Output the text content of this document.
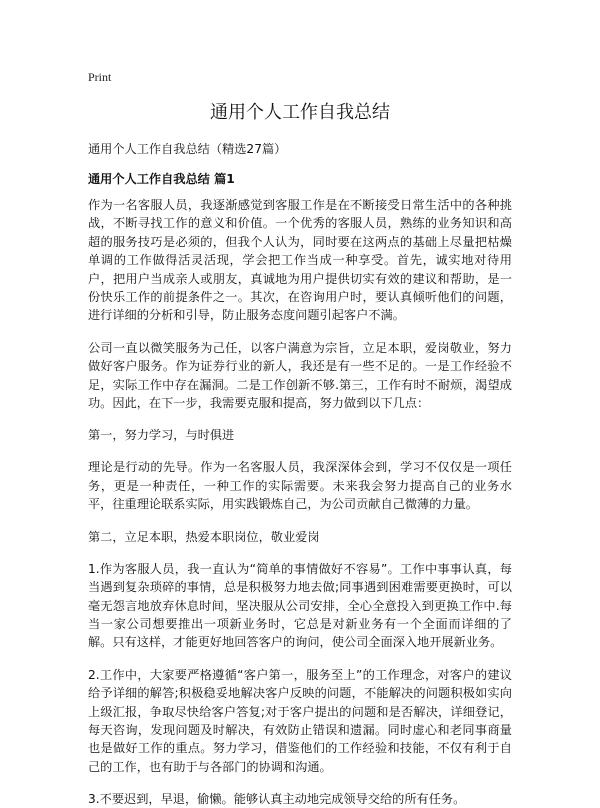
Print
通用个人工作自我总结
通用个人工作自我总结（精选27篇）
通用个人工作自我总结 篇1

作为一名客服人员，我逐渐感觉到客服工作是在不断接受日常生活中的各种挑战，不断寻找工作的意义和价值。一个优秀的客服人员，熟练的业务知识和高超的服务技巧是必须的，但我个人认为，同时要在这两点的基础上尽量把枯燥单调的工作做得活灵活现，学会把工作当成一种享受。首先，诚实地对待用户，把用户当成亲人或朋友，真诚地为用户提供切实有效的建议和帮助，是一份快乐工作的前提条件之一。其次，在咨询用户时，要认真倾听他们的问题，进行详细的分析和引导，防止服务态度问题引起客户不满。

公司一直以微笑服务为己任，以客户满意为宗旨，立足本职，爱岗敬业，努力做好客户服务。作为证券行业的新人，我还是有一些不足的。一是工作经验不足，实际工作中存在漏洞。二是工作创新不够.第三，工作有时不耐烦，渴望成功。因此，在下一步，我需要克服和提高，努力做到以下几点：

第一，努力学习，与时俱进

理论是行动的先导。作为一名客服人员，我深深体会到，学习不仅仅是一项任务，更是一种责任，一种工作的实际需要。未来我会努力提高自己的业务水平，往重理论联系实际，用实践锻炼自己，为公司贡献自己微薄的力量。

第二，立足本职，热爱本职岗位，敬业爱岗

1.作为客服人员，我一直认为“简单的事情做好不容易”。工作中事事认真，每当遇到复杂琐碎的事情，总是积极努力地去做;同事遇到困难需要更换时，可以毫无怨言地放弃休息时间，坚决服从公司安排，全心全意投入到更换工作中.每当一家公司想要推出一项新业务时，它总是对新业务有一个全面而详细的了解。只有这样，才能更好地回答客户的询问，使公司全面深入地开展新业务。

2.工作中，大家要严格遵循“客户第一，服务至上”的工作理念，对客户的建议给予详细的解答;积极稳妥地解决客户反映的问题，不能解决的问题积极如实向上级汇报，争取尽快给客户答复;对于客户提出的问题和是否解决，详细登记，每天咨询，发现问题及时解决，有效防止错误和遗漏。同时虚心和老同事商量也是做好工作的重点。努力学习，借鉴他们的工作经验和技能，不仅有利于自己的工作，也有助于与各部门的协调和沟通。

3.不要迟到，早退，偷懒。能够认真主动地完成领导交给的所有任务。
